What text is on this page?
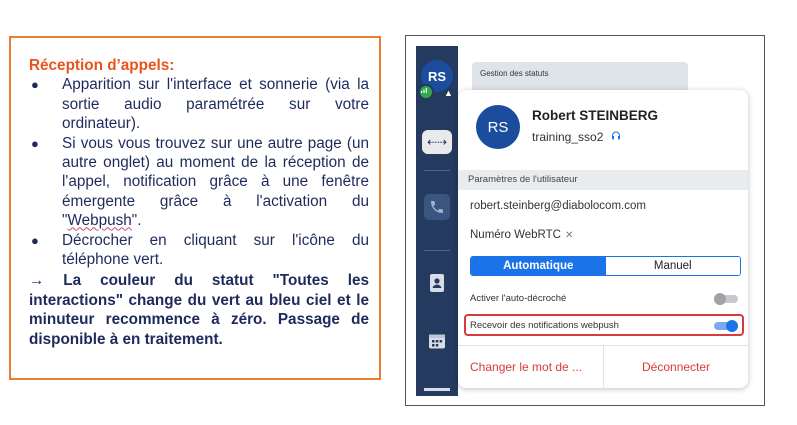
Réception d’appels:
● Apparition sur l'interface et sonnerie (via la sortie audio paramétrée sur votre ordinateur).
● Si vous vous trouvez sur une autre page (un autre onglet) au moment de la réception de l'appel, notification grâce à une fenêtre émergente grâce à l'activation du "Webpush".
● Décrocher en cliquant sur l'icône du téléphone vert.
→ La couleur du statut "Toutes les interactions" change du vert au bleu ciel et le minuteur recommence à zéro. Passage de disponible à en traitement.
RS
▲
⇠⇢
Gestion des statuts
RS
Robert STEINBERG
training_sso2
Paramètres de l'utilisateur
robert.steinberg@diabolocom.com
Numéro WebRTC ✕
Automatique	Manuel
Activer l'auto-décroché
Recevoir des notifications webpush
Changer le mot de ...	Déconnecter
